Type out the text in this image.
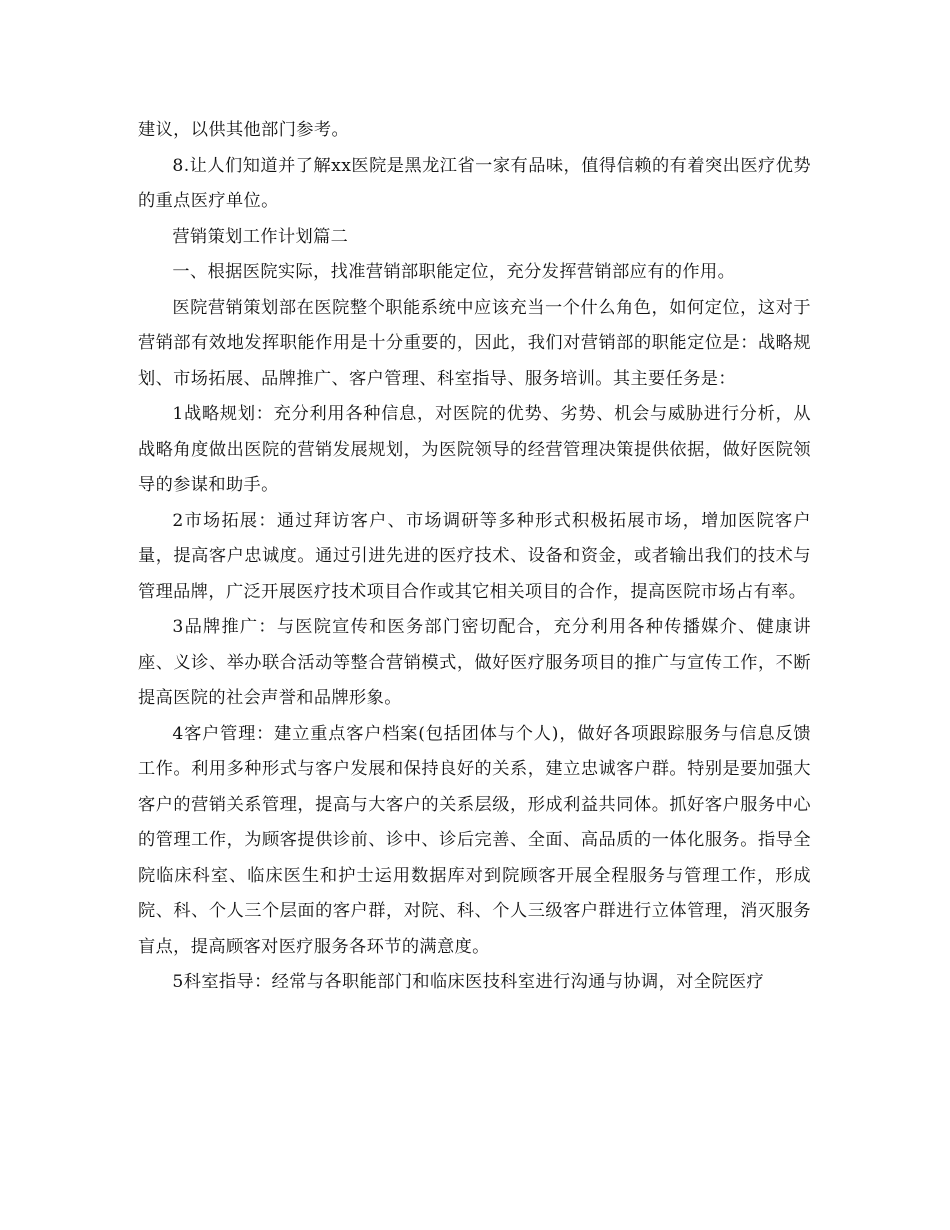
建议，以供其他部门参考。

8.让人们知道并了解xx医院是黑龙江省一家有品味，值得信赖的有着突出医疗优势的重点医疗单位。

营销策划工作计划篇二

一、根据医院实际，找准营销部职能定位，充分发挥营销部应有的作用。

医院营销策划部在医院整个职能系统中应该充当一个什么角色，如何定位，这对于营销部有效地发挥职能作用是十分重要的，因此，我们对营销部的职能定位是：战略规划、市场拓展、品牌推广、客户管理、科室指导、服务培训。其主要任务是：

1战略规划：充分利用各种信息，对医院的优势、劣势、机会与威胁进行分析，从战略角度做出医院的营销发展规划，为医院领导的经营管理决策提供依据，做好医院领导的参谋和助手。

2市场拓展：通过拜访客户、市场调研等多种形式积极拓展市场，增加医院客户量，提高客户忠诚度。通过引进先进的医疗技术、设备和资金，或者输出我们的技术与管理品牌，广泛开展医疗技术项目合作或其它相关项目的合作，提高医院市场占有率。

3品牌推广：与医院宣传和医务部门密切配合，充分利用各种传播媒介、健康讲座、义诊、举办联合活动等整合营销模式，做好医疗服务项目的推广与宣传工作，不断提高医院的社会声誉和品牌形象。

4客户管理：建立重点客户档案(包括团体与个人)，做好各项跟踪服务与信息反馈工作。利用多种形式与客户发展和保持良好的关系，建立忠诚客户群。特别是要加强大客户的营销关系管理，提高与大客户的关系层级，形成利益共同体。抓好客户服务中心的管理工作，为顾客提供诊前、诊中、诊后完善、全面、高品质的一体化服务。指导全院临床科室、临床医生和护士运用数据库对到院顾客开展全程服务与管理工作，形成院、科、个人三个层面的客户群，对院、科、个人三级客户群进行立体管理，消灭服务盲点，提高顾客对医疗服务各环节的满意度。

5科室指导：经常与各职能部门和临床医技科室进行沟通与协调，对全院医疗
